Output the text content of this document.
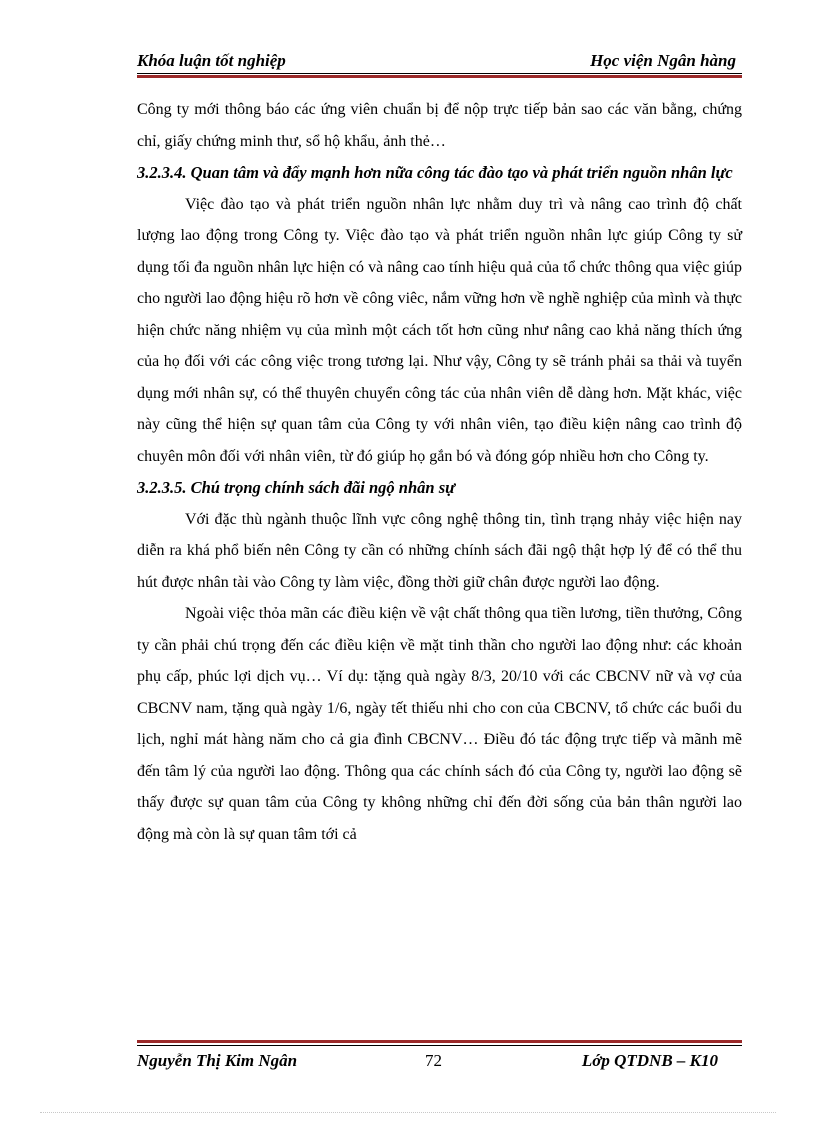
Khóa luận tốt nghiệp	Học viện Ngân hàng

Công ty mới thông báo các ứng viên chuẩn bị để nộp trực tiếp bản sao các văn bằng, chứng chỉ, giấy chứng minh thư, sổ hộ khẩu, ảnh thẻ…

3.2.3.4. Quan tâm và đẩy mạnh hơn nữa công tác đào tạo và phát triển nguồn nhân lực

Việc đào tạo và phát triển nguồn nhân lực nhằm duy trì và nâng cao trình độ chất lượng lao động trong Công ty. Việc đào tạo và phát triển nguồn nhân lực giúp Công ty sử dụng tối đa nguồn nhân lực hiện có và nâng cao tính hiệu quả của tổ chức thông qua việc giúp cho người lao động hiệu rõ hơn về công viêc, nắm vững hơn về nghề nghiệp của mình và thực hiện chức năng nhiệm vụ của mình một cách tốt hơn cũng như nâng cao khả năng thích ứng của họ đối với các công việc trong tương lại. Như vậy, Công ty sẽ tránh phải sa thải và tuyển dụng mới nhân sự, có thể thuyên chuyển công tác của nhân viên dễ dàng hơn. Mặt khác, việc này cũng thể hiện sự quan tâm của Công ty với nhân viên, tạo điều kiện nâng cao trình độ chuyên môn đối với nhân viên, từ đó giúp họ gắn bó và đóng góp nhiều hơn cho Công ty.

3.2.3.5. Chú trọng chính sách đãi ngộ nhân sự

Với đặc thù ngành thuộc lĩnh vực công nghệ thông tin, tình trạng nhảy việc hiện nay diễn ra khá phổ biến nên Công ty cần có những chính sách đãi ngộ thật hợp lý để có thể thu hút được nhân tài vào Công ty làm việc, đồng thời giữ chân được người lao động.

Ngoài việc thỏa mãn các điều kiện về vật chất thông qua tiền lương, tiền thưởng, Công ty cần phải chú trọng đến các điều kiện về mặt tinh thần cho người lao động như: các khoản phụ cấp, phúc lợi dịch vụ… Ví dụ: tặng quà ngày 8/3, 20/10 với các CBCNV nữ và vợ của CBCNV nam, tặng quà ngày 1/6, ngày tết thiếu nhi cho con của CBCNV, tổ chức các buổi du lịch, nghỉ mát hàng năm cho cả gia đình CBCNV… Điều đó tác động trực tiếp và mãnh mẽ đến tâm lý của người lao động. Thông qua các chính sách đó của Công ty, người lao động sẽ thấy được sự quan tâm của Công ty không những chỉ đến đời sống của bản thân người lao động mà còn là sự quan tâm tới cả

Nguyễn Thị Kim Ngân	72	Lớp QTDNB – K10
